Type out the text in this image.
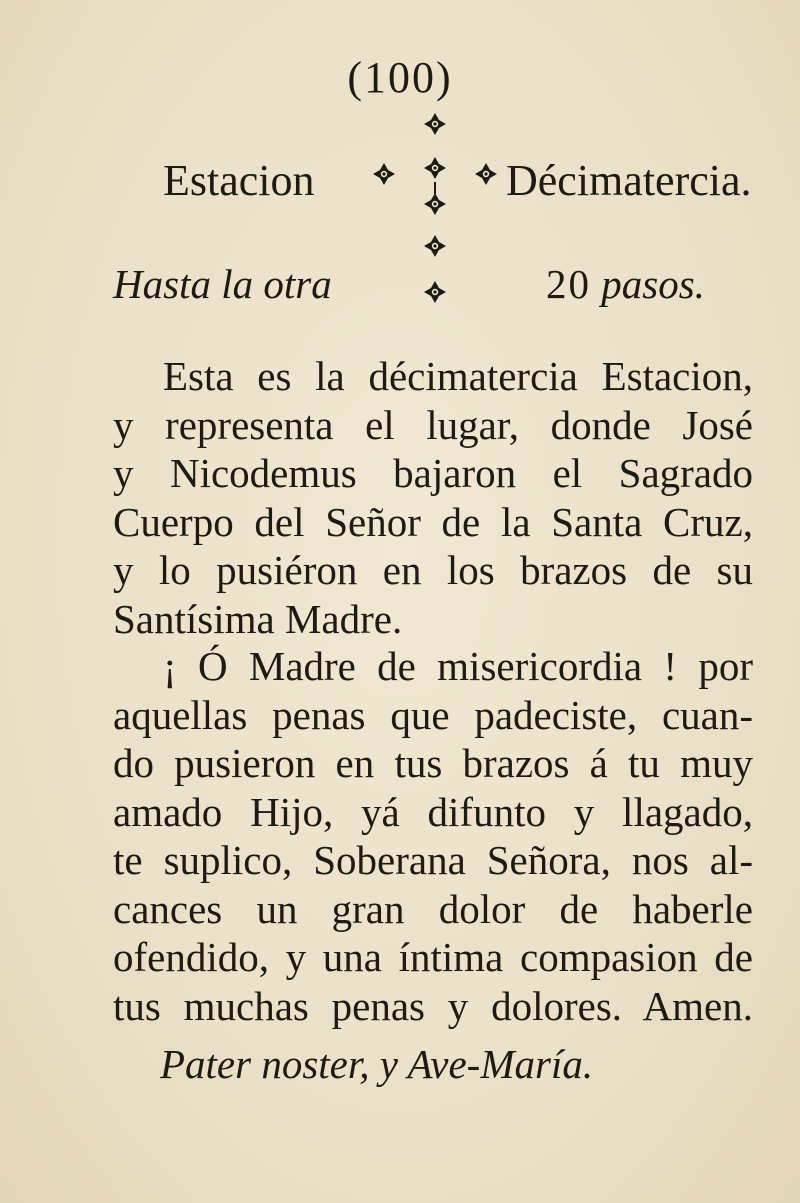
(100)
Estacion	Décimatercia.
Hasta la otra	20 pasos.
Esta es la décimatercia Estacion,
y representa el lugar, donde José
y Nicodemus bajaron el Sagrado
Cuerpo del Señor de la Santa Cruz,
y lo pusiéron en los brazos de su
Santísima Madre.
¡ Ó Madre de misericordia ! por
aquellas penas que padeciste, cuan-
do pusieron en tus brazos á tu muy
amado Hijo, yá difunto y llagado,
te suplico, Soberana Señora, nos al-
cances un gran dolor de haberle
ofendido, y una íntima compasion de
tus muchas penas y dolores. Amen.
Pater noster, y Ave-María.
